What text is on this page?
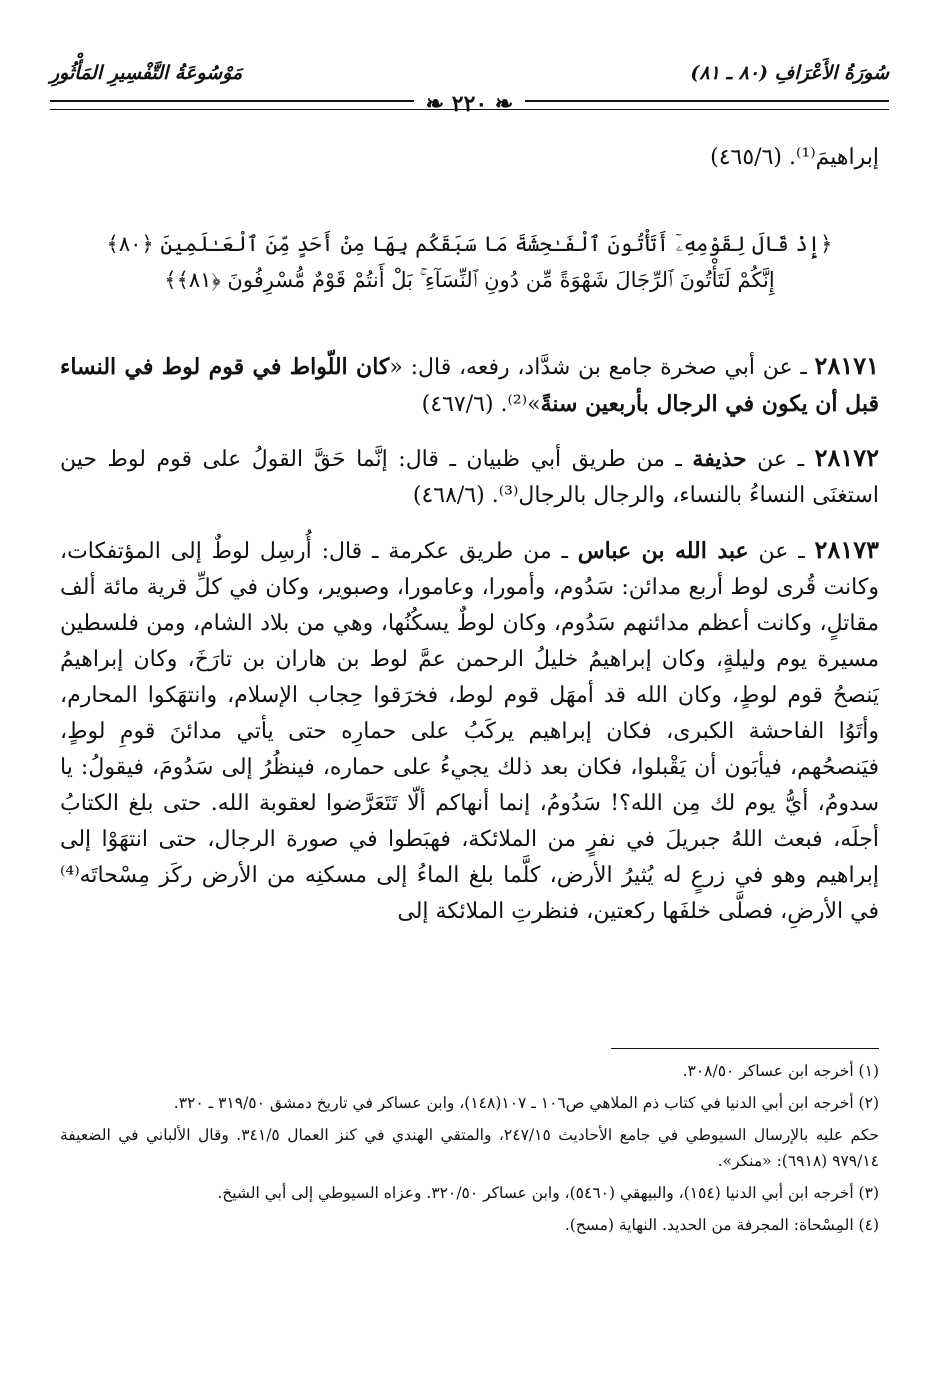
سُورَةُ الأَعْرَافِ (٨٠ ـ ٨١)
مَوْسُوعَةُ التَّفْسِيرِ المَأْثُورِ
❧ ٢٢٠ ❧
إبراهيمَ⁽¹⁾. (٤٦٥/٦)
﴿إِذْ قَالَ لِقَوْمِهِۦٓ أَتَأْتُونَ ٱلْفَـٰحِشَةَ مَا سَبَقَكُم بِهَا مِنْ أَحَدٍ مِّنَ ٱلْعَـٰلَمِينَ ﴿٨٠﴾
إِنَّكُمْ لَتَأْتُونَ ٱلرِّجَالَ شَهْوَةً مِّن دُونِ ٱلنِّسَآءِ ۚ بَلْ أَنتُمْ قَوْمٌ مُّسْرِفُونَ ﴿٨١﴾﴾
٢٨١٧١ ـ عن أبي صخرة جامع بن شدَّاد، رفعه، قال: «كان اللّواط في قوم لوط في النساء قبل أن يكون في الرجال بأربعين سنةً»⁽²⁾. (٤٦٧/٦)
٢٨١٧٢ ـ عن حذيفة ـ من طريق أبي ظبيان ـ قال: إنَّما حَقَّ القولُ على قوم لوط حين استغنَى النساءُ بالنساء، والرجال بالرجال⁽³⁾. (٤٦٨/٦)
٢٨١٧٣ ـ عن عبد الله بن عباس ـ من طريق عكرمة ـ قال: أُرسِل لوطٌ إلى المؤتفكات، وكانت قُرى لوط أربع مدائن: سَدُوم، وأمورا، وعامورا، وصبوير، وكان في كلِّ قرية مائة ألف مقاتلٍ، وكانت أعظم مدائنهم سَدُوم، وكان لوطٌ يسكُنُها، وهي من بلاد الشام، ومن فلسطين مسيرة يوم وليلةٍ، وكان إبراهيمُ خليلُ الرحمن عمَّ لوط بن هاران بن تارَخَ، وكان إبراهيمُ يَنصحُ قوم لوطٍ، وكان الله قد أمهَل قوم لوط، فخرَقوا حِجاب الإسلام، وانتهَكوا المحارم، وأتَوُا الفاحشة الكبرى، فكان إبراهيم يركَبُ على حمارِه حتى يأتي مدائنَ قومِ لوطٍ، فيَنصحُهم، فيأبَون أن يَقْبلوا، فكان بعد ذلك يجيءُ على حماره، فينظُرُ إلى سَدُومَ، فيقولُ: يا سدومُ، أيُّ يوم لك مِن الله؟! سَدُومُ، إنما أنهاكم ألّا تَتَعَرَّضوا لعقوبة الله. حتى بلغ الكتابُ أجلَه، فبعث اللهُ جبريلَ في نفرٍ من الملائكة، فهبَطوا في صورة الرجال، حتى انتهَوْا إلى إبراهيم وهو في زرعٍ له يُثيرُ الأرض، كلَّما بلغ الماءُ إلى مسكنِه من الأرض ركَز مِسْحاتَه⁽⁴⁾ في الأرضِ، فصلَّى خلفَها ركعتين، فنظرتِ الملائكة إلى

(١) أخرجه ابن عساكر ٣٠٨/٥٠.

(٢) أخرجه ابن أبي الدنيا في كتاب ذم الملاهي ص١٠٦ ـ ١٠٧(١٤٨)، وابن عساكر في تاريخ دمشق ٣١٩/٥٠ ـ ٣٢٠.

حكم عليه بالإرسال السيوطي في جامع الأحاديث ٢٤٧/١٥، والمتقي الهندي في كنز العمال ٣٤١/٥. وقال الألباني في الضعيفة ٩٧٩/١٤ (٦٩١٨): «منكر».

(٣) أخرجه ابن أبي الدنيا (١٥٤)، والبيهقي (٥٤٦٠)، وابن عساكر ٣٢٠/٥٠. وعزاه السيوطي إلى أبي الشيخ.

(٤) المِسْحاة: المجرفة من الحديد. النهاية (مسح).
